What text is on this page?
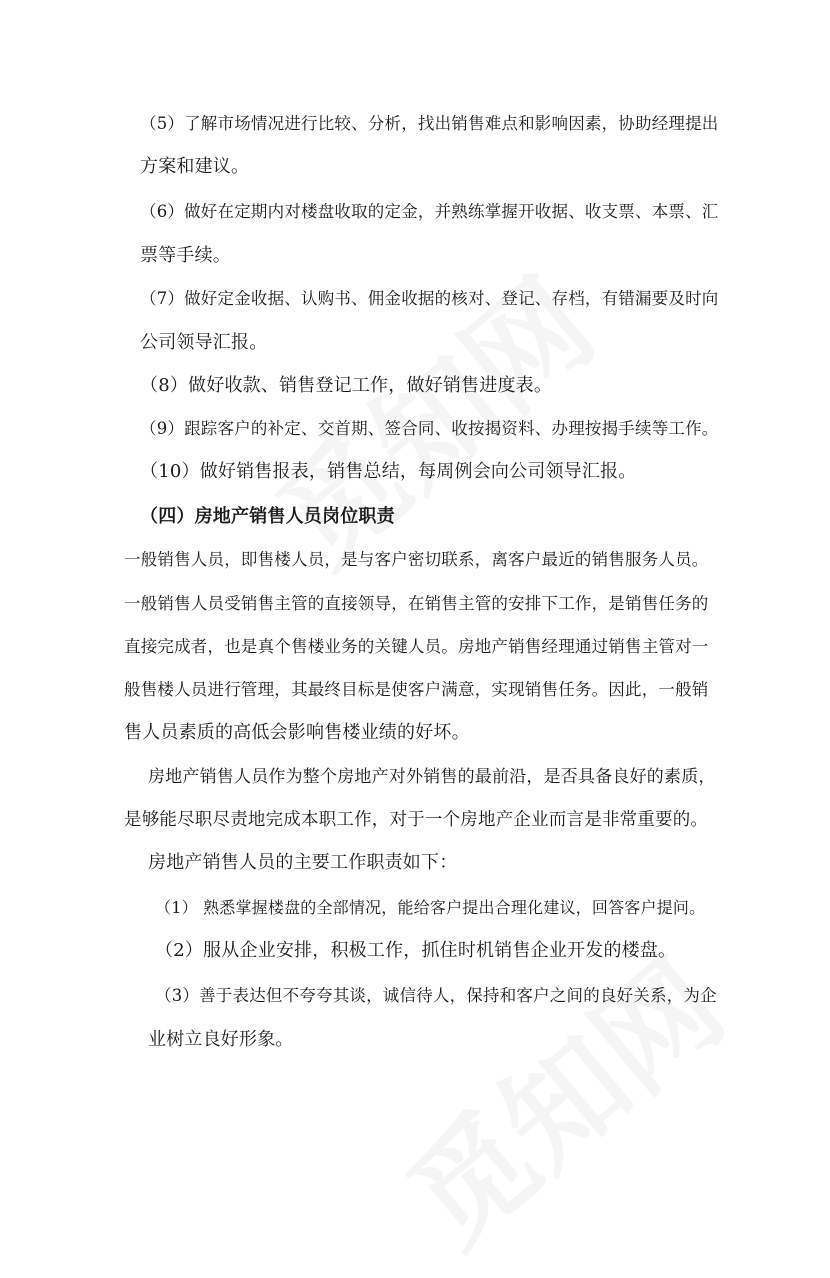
（5）了解市场情况进行比较、分析，找出销售难点和影响因素，协助经理提出
方案和建议。
（6）做好在定期内对楼盘收取的定金，并熟练掌握开收据、收支票、本票、汇
票等手续。
（7）做好定金收据、认购书、佣金收据的核对、登记、存档，有错漏要及时向
公司领导汇报。
（8）做好收款、销售登记工作，做好销售进度表。
（9）跟踪客户的补定、交首期、签合同、收按揭资料、办理按揭手续等工作。
（10）做好销售报表，销售总结，每周例会向公司领导汇报。
（四）房地产销售人员岗位职责
一般销售人员，即售楼人员，是与客户密切联系，离客户最近的销售服务人员。
一般销售人员受销售主管的直接领导，在销售主管的安排下工作，是销售任务的
直接完成者，也是真个售楼业务的关键人员。房地产销售经理通过销售主管对一
般售楼人员进行管理，其最终目标是使客户满意，实现销售任务。因此，一般销
售人员素质的高低会影响售楼业绩的好坏。
房地产销售人员作为整个房地产对外销售的最前沿，是否具备良好的素质，
是够能尽职尽责地完成本职工作，对于一个房地产企业而言是非常重要的。
房地产销售人员的主要工作职责如下：
（1） 熟悉掌握楼盘的全部情况，能给客户提出合理化建议，回答客户提问。
（2）服从企业安排，积极工作，抓住时机销售企业开发的楼盘。
（3）善于表达但不夸夸其谈，诚信待人，保持和客户之间的良好关系，为企
业树立良好形象。
